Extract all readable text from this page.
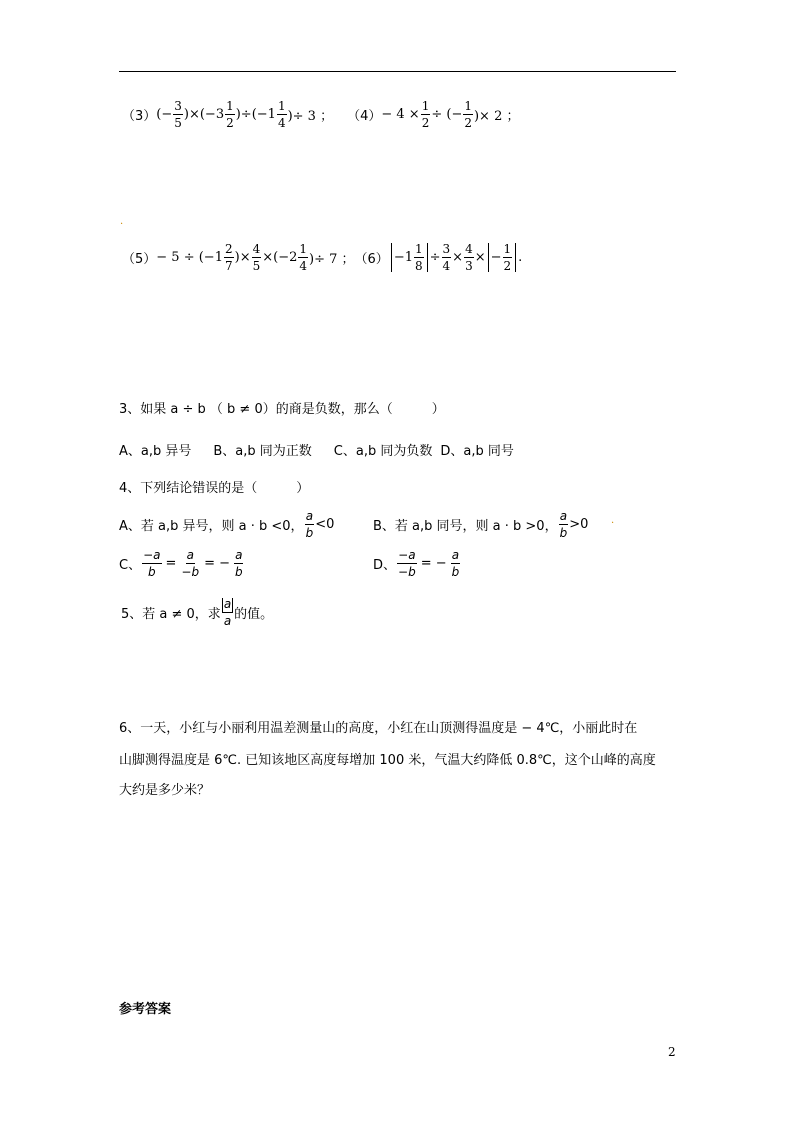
（3） (− $\frac{3}{5} )\times(-3 \frac{1}{2} )\div(-1 \frac{1}{4}$ )÷ 3 ； $(4) - 4 \times \frac{1}{2}$ ÷ (− $\frac{1}{2}$ )× 2 ；
.
$(5) - 5 \div (-1 \frac{2}{7}$ )× $\frac{4}{5} \times(-2 \frac{1}{4}$ )÷ 7 ； $(6) -1 \frac{1}{8} \div \frac{3}{4} \times \frac{4}{3}$ × − $\frac{1}{2}$ .
3、如果 a ÷ b （ b ≠ 0）的商是负数，那么（　　　）
A、a,b 异号 B、a,b 同为正数 C、a,b 同为负数 D、a,b 同号
4、下列结论错误的是（　　　）
A、若 a,b 异号，则 a · b <0， $\frac{a}{b} <0$	B、若 a,b 同号，则 a · b >0， $\frac{a}{b} >0$ .
C、 $\frac{-a}{b} = \frac{a}{-b}$ = − $\frac{a}{b}$	D、 $\frac{-a}{-b}$ = − $\frac{a}{b}$
5、若 a ≠ 0，求 $\frac{a}{a}$ 的值。
6、一天，小红与小丽利用温差测量山的高度，小红在山顶测得温度是 − 4℃，小丽此时在
山脚测得温度是 6℃. 已知该地区高度每增加 100 米，气温大约降低 0.8℃，这个山峰的高度
大约是多少米？
参考答案
2
